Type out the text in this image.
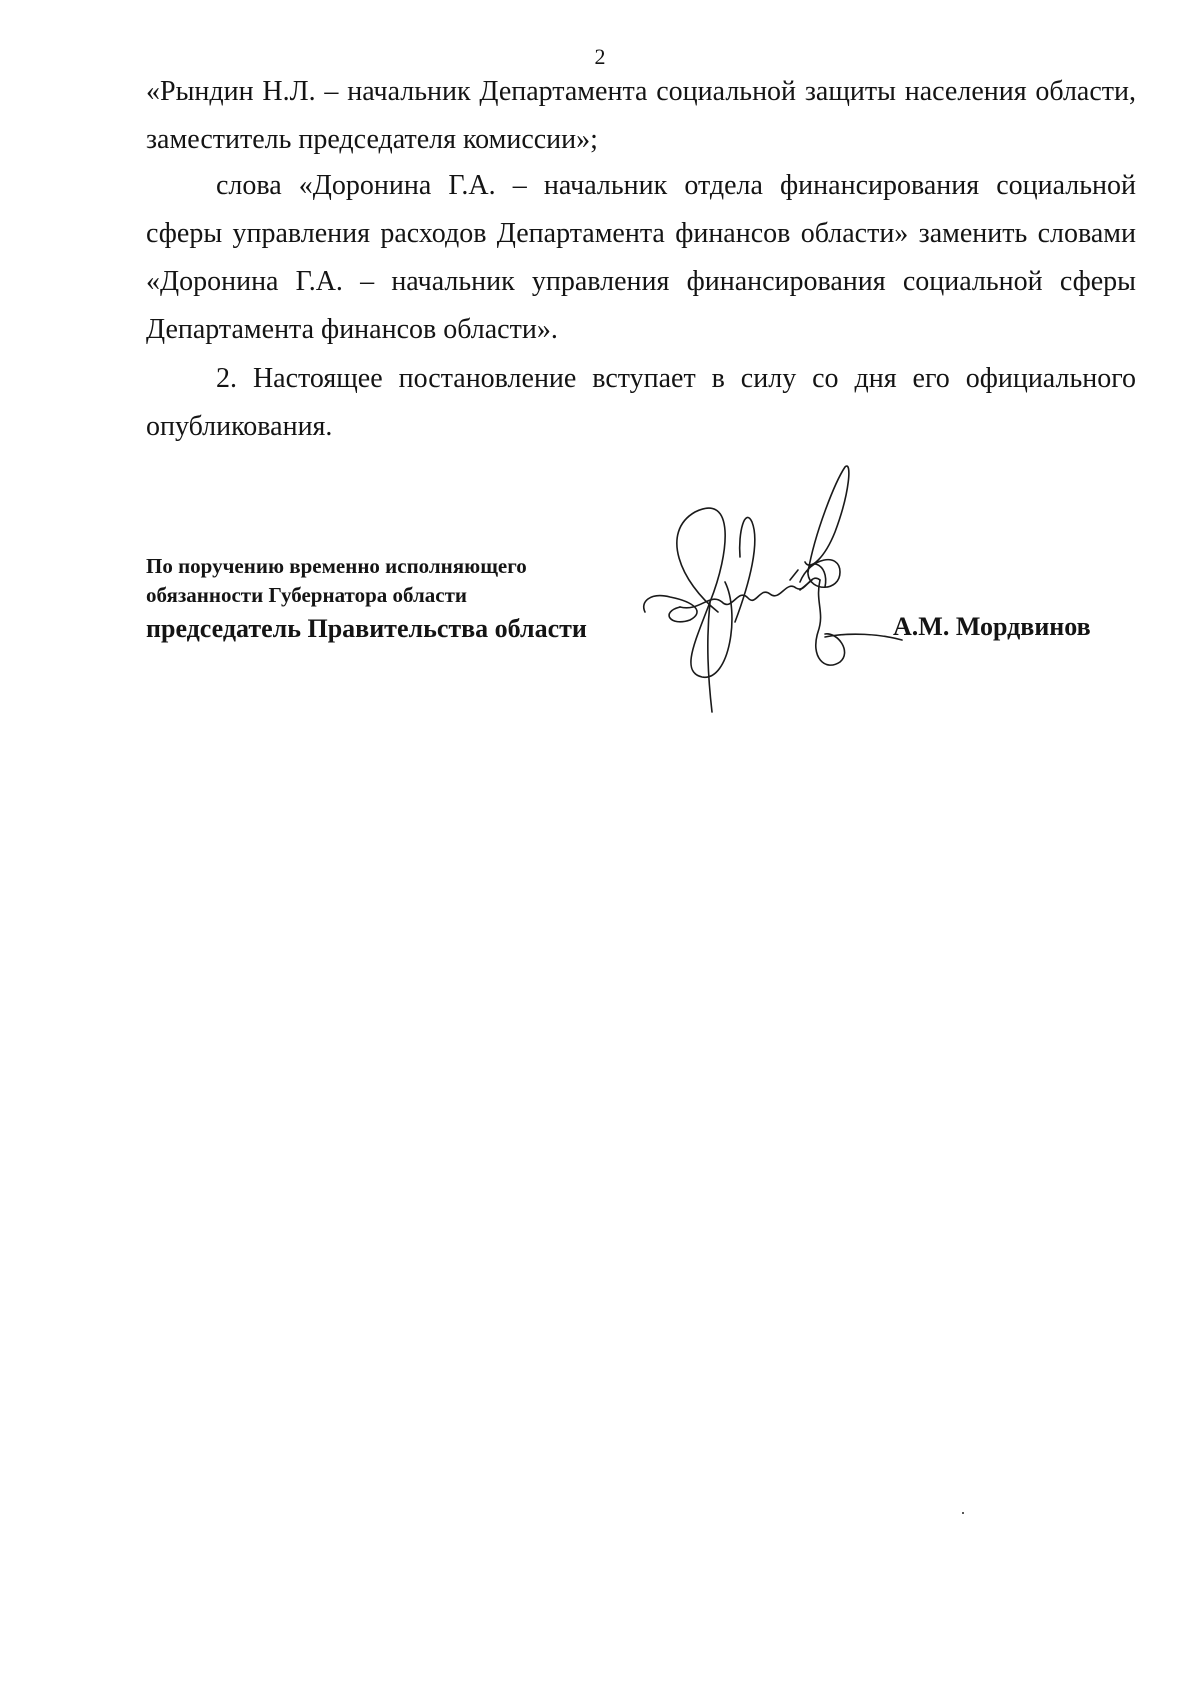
2

«Рындин Н.Л. – начальник Департамента социальной защиты населения области,
заместитель председателя комиссии»;

слова «Доронина Г.А. – начальник отдела финансирования социальной
сферы управления расходов Департамента финансов области» заменить словами
«Доронина Г.А. – начальник управления финансирования социальной сферы
Департамента финансов области».

2. Настоящее постановление вступает в силу со дня его официального
опубликования.

По поручению временно исполняющего
обязанности Губернатора области
председатель Правительства области	А.М. Мордвинов
